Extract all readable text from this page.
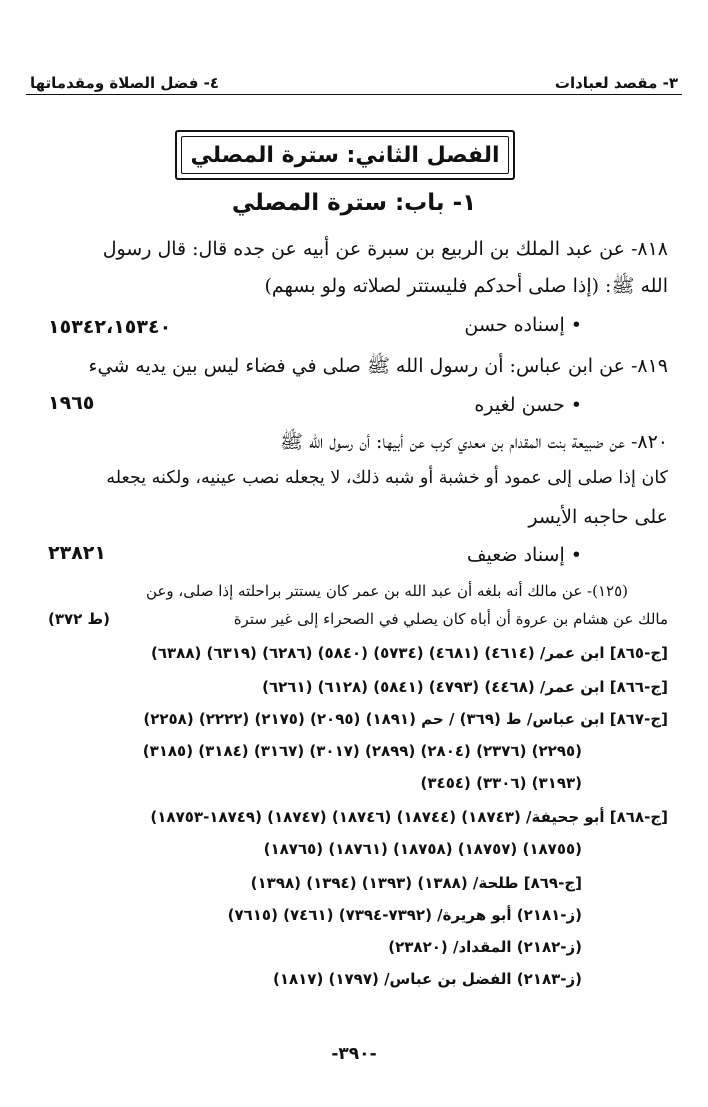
٣- مقصد لعبادات
٤- فضل الصلاة ومقدماتها
الفصل الثاني: سترة المصلي
١- باب: سترة المصلي
٨١٨- عن عبد الملك بن الربيع بن سبرة عن أبيه عن جده قال: قال رسول
الله ﷺ: (إذا صلى أحدكم فليستتر لصلاته ولو بسهم)
• إسناده حسن
١٥٣٤٢،١٥٣٤٠
٨١٩- عن ابن عباس: أن رسول الله ﷺ صلى في فضاء ليس بين يديه شيء
• حسن لغيره
١٩٦٥
٨٢٠- عن ضبيعة بنت المقدام بن معدي كرب عن أبيها: أن رسول الله ﷺ
كان إذا صلى إلى عمود أو خشبة أو شبه ذلك، لا يجعله نصب عينيه، ولكنه يجعله
على حاجبه الأيسر
• إسناد ضعيف
٢٣٨٢١
(١٢٥)- عن مالك أنه بلغه أن عبد الله بن عمر كان يستتر براحلته إذا صلى، وعن
مالك عن هشام بن عروة أن أباه كان يصلي في الصحراء إلى غير سترة
(ط ٣٧٢)
[ج-٨٦٥] ابن عمر/ (٤٦١٤) (٤٦٨١) (٥٧٣٤) (٥٨٤٠) (٦٢٨٦) (٦٣١٩) (٦٣٨٨)
[ج-٨٦٦] ابن عمر/ (٤٤٦٨) (٤٧٩٣) (٥٨٤١) (٦١٢٨) (٦٢٦١)
[ج-٨٦٧] ابن عباس/ ط (٣٦٩) / حم (١٨٩١) (٢٠٩٥) (٢١٧٥) (٢٢٢٢) (٢٢٥٨)
(٢٢٩٥) (٢٣٧٦) (٢٨٠٤) (٢٨٩٩) (٣٠١٧) (٣١٦٧) (٣١٨٤) (٣١٨٥)
(٣١٩٣) (٣٣٠٦) (٣٤٥٤)
[ج-٨٦٨] أبو جحيفة/ (١٨٧٤٣) (١٨٧٤٤) (١٨٧٤٦) (١٨٧٤٧) (١٨٧٤٩-١٨٧٥٣)
(١٨٧٥٥) (١٨٧٥٧) (١٨٧٥٨) (١٨٧٦١) (١٨٧٦٥)
[ج-٨٦٩] طلحة/ (١٣٨٨) (١٣٩٣) (١٣٩٤) (١٣٩٨)
(ز-٢١٨١) أبو هريرة/ (٧٣٩٢-٧٣٩٤) (٧٤٦١) (٧٦١٥)
(ز-٢١٨٢) المقداد/ (٢٣٨٢٠)
(ز-٢١٨٣) الفضل بن عباس/ (١٧٩٧) (١٨١٧)
-٣٩٠-
